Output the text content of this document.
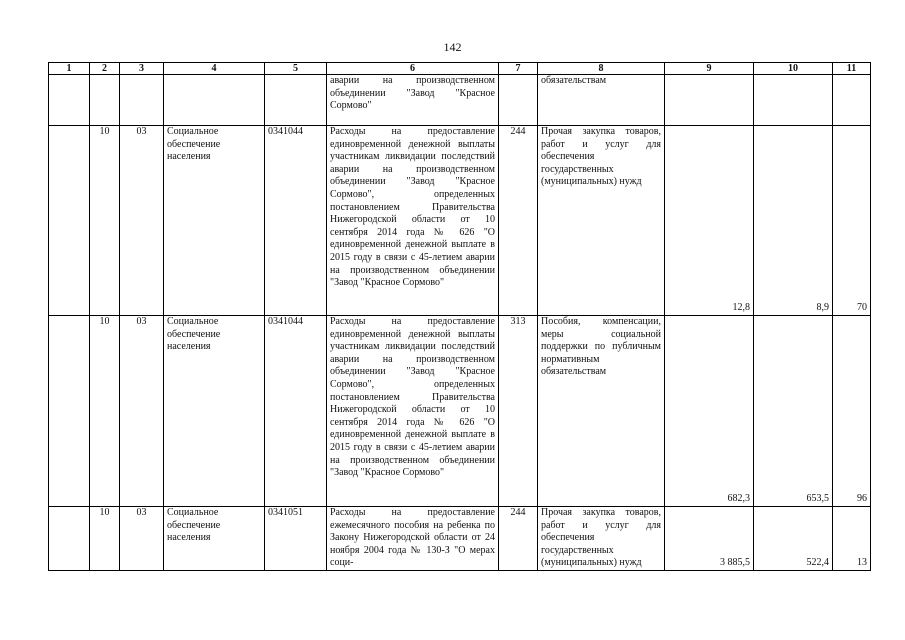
142
1	2	3	4	5	6	7	8	9	10	11
					аварии на производственном объединении "Завод "Красное Сормово"		обязательствам			
	10	03	Социальное обеспечение населения	0341044	Расходы на предоставление единовременной денежной выплаты участникам ликвидации последствий аварии на производственном объединении "Завод "Красное Сормово", определенных постановлением Правительства Нижегородской области от 10 сентября 2014 года № 626 "О единовременной денежной выплате в 2015 году в связи с 45-летием аварии на производственном объединении "Завод "Красное Сормово"	244	Прочая закупка товаров, работ и услуг для обеспечения государственных (муниципальных) нужд	12,8	8,9	70
	10	03	Социальное обеспечение населения	0341044	Расходы на предоставление единовременной денежной выплаты участникам ликвидации последствий аварии на производственном объединении "Завод "Красное Сормово", определенных постановлением Правительства Нижегородской области от 10 сентября 2014 года № 626 "О единовременной денежной выплате в 2015 году в связи с 45-летием аварии на производственном объединении "Завод "Красное Сормово"	313	Пособия, компенсации, меры социальной поддержки по публичным нормативным обязательствам	682,3	653,5	96
	10	03	Социальное обеспечение населения	0341051	Расходы на предоставление ежемесячного пособия на ребенка по Закону Нижегородской области от 24 ноября 2004 года № 130-З "О мерах соци-	244	Прочая закупка товаров, работ и услуг для обеспечения государственных (муниципальных) нужд	3 885,5	522,4	13
